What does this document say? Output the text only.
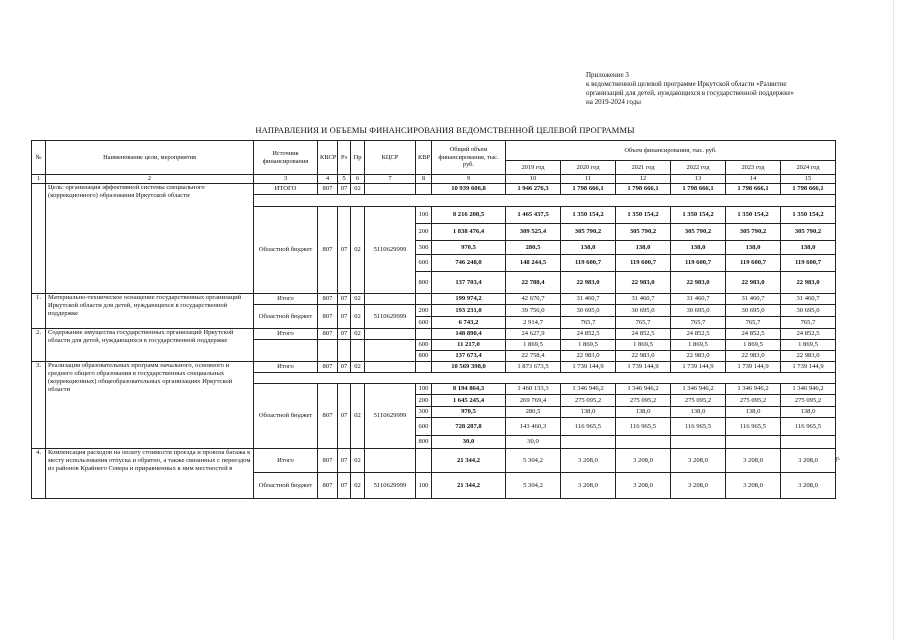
Приложение 3
к ведомственной целевой программе Иркутской области «Развитие
организаций для детей, нуждающихся в государственной поддержке»
на 2019-2024 годы
НАПРАВЛЕНИЯ И ОБЪЕМЫ ФИНАНСИРОВАНИЯ ВЕДОМСТВЕННОЙ ЦЕЛЕВОЙ ПРОГРАММЫ
№	Наименование цели, мероприятия	Источник финансирования	КВСР	Рз	Пр	КЦСР	КВР	Общий объем финансирования, тыс. руб.	Объем финансирования, тыс. руб.					
									2019 год	2020 год	2021 год	2022 год	2023 год	2024 год
1	2	3	4	5	6	7	8	9	10	11	12	13	14	15
	Цель: организация эффективной системы специального (коррекционного) образования Иркутской области	ИТОГО	807	07	02			10 939 606,8	1 946 276,3	1 798 666,1	1 798 666,1	1 798 666,1	1 798 666,1	1 798 666,1

		Областной бюджет	807	07	02	5110629999	100	8 216 208,5	1 465 437,5	1 350 154,2	1 350 154,2	1 350 154,2	1 350 154,2	1 350 154,2
							200	1 838 476,4	309 525,4	305 790,2	305 790,2	305 790,2	305 790,2	305 790,2
							300	970,5	280,5	138,0	138,0	138,0	138,0	138,0
							600	746 248,0	148 244,5	119 600,7	119 600,7	119 600,7	119 600,7	119 600,7
							800	137 703,4	22 788,4	22 983,0	22 983,0	22 983,0	22 983,0	22 983,0
1.	Материально-техническое оснащение государственных организаций Иркутской области для детей, нуждающихся в государственной поддержке	Итого	807	07	02			199 974,2	42 670,7	31 460,7	31 460,7	31 460,7	31 460,7	31 460,7
		Областной бюджет	807	07	02	5110629999	200	193 231,0	39 756,0	30 695,0	30 695,0	30 695,0	30 695,0	30 695,0
							600	6 743,2	2 914,7	765,7	765,7	765,7	765,7	765,7
2.	Содержание имущества государственных организаций Иркутской области для детей, нуждающихся в государственной поддержке	Итого	807	07	02			148 890,4	24 627,9	24 852,5	24 852,5	24 852,5	24 852,5	24 852,5
							600	11 217,0	1 869,5	1 869,5	1 869,5	1 869,5	1 869,5	1 869,5
							800	137 673,4	22 758,4	22 983,0	22 983,0	22 983,0	22 983,0	22 983,0
3.	Реализация образовательных программ начального, основного и среднего общего образования в государственных специальных (коррекционных) общеобразовательных организациях Иркутской области	Итого	807	07	02			10 569 398,0	1 873 673,5	1 739 144,9	1 739 144,9	1 739 144,9	1 739 144,9	1 739 144,9

		Областной бюджет	807	07	02	5110629999	100	8 194 864,3	1 460 133,3	1 346 946,2	1 346 946,2	1 346 946,2	1 346 946,2	1 346 946,2
							200	1 645 245,4	269 769,4	275 095,2	275 095,2	275 095,2	275 095,2	275 095,2
							300	970,5	280,5	138,0	138,0	138,0	138,0	138,0
							600	728 287,8	143 460,3	116 965,5	116 965,5	116 965,5	116 965,5	116 965,5
							800	30,0	30,0					
4.	Компенсация расходов на оплату стоимости проезда и провоза багажа к месту использования отпуска и обратно, а также связанных с переездом из районов Крайнего Севера и приравненных к ним местностей в	Итого	807	07	02			21 344,2	5 304,2	3 208,0	3 208,0	3 208,0	3 208,0	3 208,0
		Областной бюджет	807	07	02	5110629999	100	21 344,2	5 304,2	3 208,0	3 208,0	3 208,0	3 208,0	3 208,0
р.
